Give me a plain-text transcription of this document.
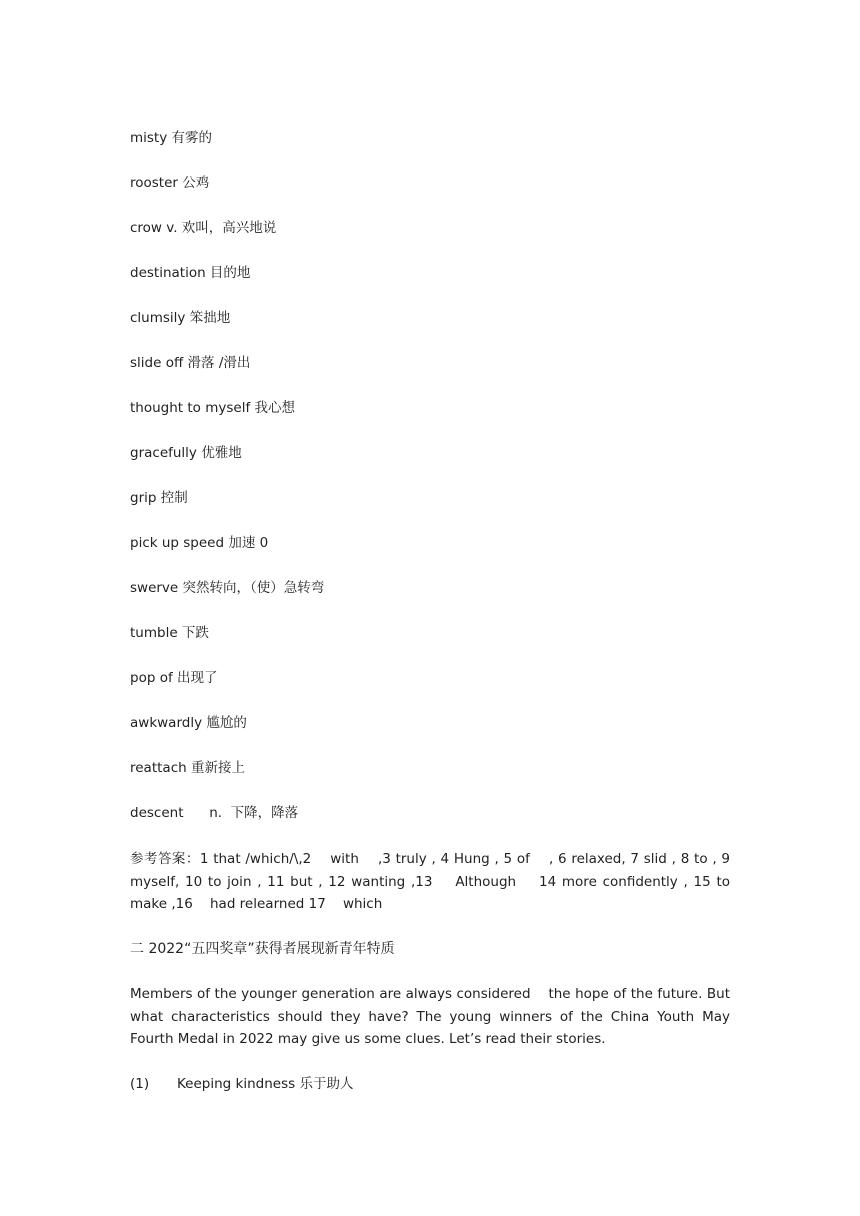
misty 有雾的
rooster 公鸡
crow v. 欢叫，高兴地说
destination 目的地
clumsily 笨拙地
slide off 滑落 /滑出
thought to myself 我心想
gracefully 优雅地
grip 控制
pick up speed 加速 0
swerve 突然转向，（使）急转弯
tumble 下跌
pop of 出现了
awkwardly 尴尬的
reattach 重新接上
descent      n.  下降，降落
参考答案：1 that /which/\,2    with    ,3 truly , 4 Hung , 5 of    , 6 relaxed, 7 slid , 8 to , 9 myself, 10 to join , 11 but , 12 wanting ,13    Although    14 more confidently , 15 to make ,16    had relearned 17    which
二 2022“五四奖章”获得者展现新青年特质
Members of the younger generation are always considered    the hope of the future. But what characteristics should they have? The young winners of the China Youth May Fourth Medal in 2022 may give us some clues. Let’s read their stories.
(1) Keeping kindness 乐于助人
